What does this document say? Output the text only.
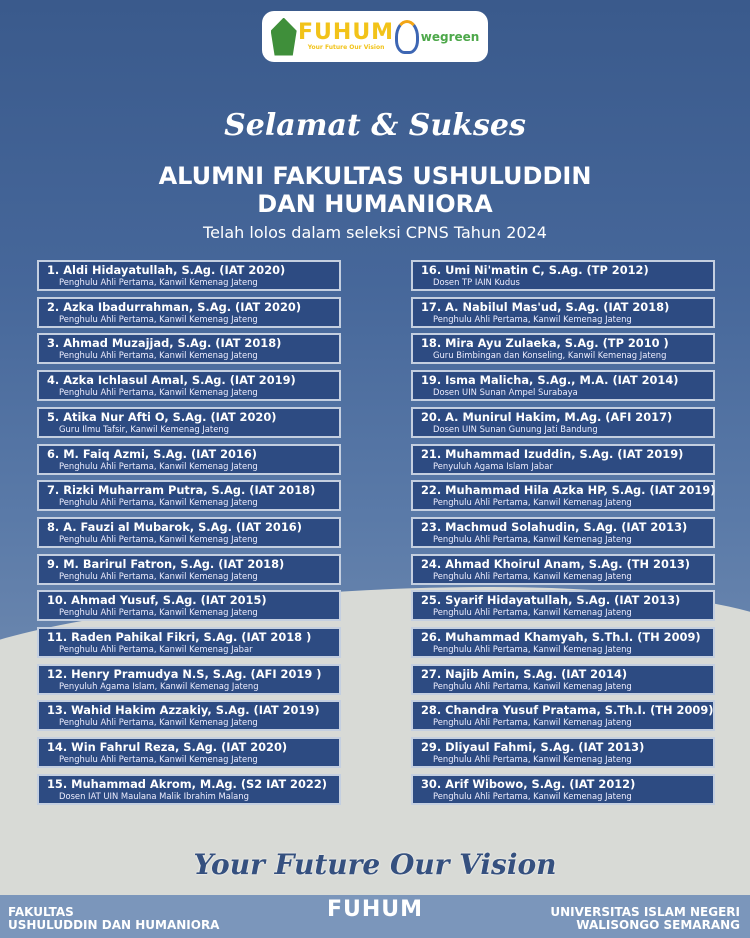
FUHUM
Your Future Our Vision
wegreen
Selamat & Sukses
ALUMNI FAKULTAS USHULUDDIN
DAN HUMANIORA
Telah lolos dalam seleksi CPNS Tahun 2024
1. Aldi Hidayatullah, S.Ag. (IAT 2020)
Penghulu Ahli Pertama, Kanwil Kemenag Jateng
2. Azka Ibadurrahman, S.Ag. (IAT 2020)
Penghulu Ahli Pertama, Kanwil Kemenag Jateng
3. Ahmad Muzajjad, S.Ag. (IAT 2018)
Penghulu Ahli Pertama, Kanwil Kemenag Jateng
4. Azka Ichlasul Amal, S.Ag. (IAT 2019)
Penghulu Ahli Pertama, Kanwil Kemenag Jateng
5. Atika Nur Afti O, S.Ag. (IAT 2020)
Guru Ilmu Tafsir, Kanwil Kemenag Jateng
6. M. Faiq Azmi, S.Ag. (IAT 2016)
Penghulu Ahli Pertama, Kanwil Kemenag Jateng
7. Rizki Muharram Putra, S.Ag. (IAT 2018)
Penghulu Ahli Pertama, Kanwil Kemenag Jateng
8. A. Fauzi al Mubarok, S.Ag. (IAT 2016)
Penghulu Ahli Pertama, Kanwil Kemenag Jateng
9. M. Barirul Fatron, S.Ag. (IAT 2018)
Penghulu Ahli Pertama, Kanwil Kemenag Jateng
10. Ahmad Yusuf, S.Ag. (IAT 2015)
Penghulu Ahli Pertama, Kanwil Kemenag Jateng
11. Raden Pahikal Fikri, S.Ag. (IAT 2018 )
Penghulu Ahli Pertama, Kanwil Kemenag Jabar
12. Henry Pramudya N.S, S.Ag. (AFI 2019 )
Penyuluh Agama Islam, Kanwil Kemenag Jateng
13. Wahid Hakim Azzakiy, S.Ag. (IAT 2019)
Penghulu Ahli Pertama, Kanwil Kemenag Jateng
14. Win Fahrul Reza, S.Ag. (IAT 2020)
Penghulu Ahli Pertama, Kanwil Kemenag Jateng
15. Muhammad Akrom, M.Ag. (S2 IAT 2022)
Dosen IAT UIN Maulana Malik Ibrahim Malang
16. Umi Ni'matin C, S.Ag. (TP 2012)
Dosen TP IAIN Kudus
17. A. Nabilul Mas'ud, S.Ag. (IAT 2018)
Penghulu Ahli Pertama, Kanwil Kemenag Jateng
18. Mira Ayu Zulaeka, S.Ag. (TP 2010 )
Guru Bimbingan dan Konseling, Kanwil Kemenag Jateng
19. Isma Malicha, S.Ag., M.A. (IAT 2014)
Dosen UIN Sunan Ampel Surabaya
20. A. Munirul Hakim, M.Ag. (AFI 2017)
Dosen UIN Sunan Gunung Jati Bandung
21. Muhammad Izuddin, S.Ag. (IAT 2019)
Penyuluh Agama Islam Jabar
22. Muhammad Hila Azka HP, S.Ag. (IAT 2019)
Penghulu Ahli Pertama, Kanwil Kemenag Jateng
23. Machmud Solahudin, S.Ag. (IAT 2013)
Penghulu Ahli Pertama, Kanwil Kemenag Jateng
24. Ahmad Khoirul Anam, S.Ag. (TH 2013)
Penghulu Ahli Pertama, Kanwil Kemenag Jateng
25. Syarif Hidayatullah, S.Ag. (IAT 2013)
Penghulu Ahli Pertama, Kanwil Kemenag Jateng
26. Muhammad Khamyah, S.Th.I. (TH 2009)
Penghulu Ahli Pertama, Kanwil Kemenag Jateng
27. Najib Amin, S.Ag. (IAT 2014)
Penghulu Ahli Pertama, Kanwil Kemenag Jateng
28. Chandra Yusuf Pratama, S.Th.I. (TH 2009)
Penghulu Ahli Pertama, Kanwil Kemenag Jateng
29. Dliyaul Fahmi, S.Ag. (IAT 2013)
Penghulu Ahli Pertama, Kanwil Kemenag Jateng
30. Arif Wibowo, S.Ag. (IAT 2012)
Penghulu Ahli Pertama, Kanwil Kemenag Jateng
Your Future Our Vision
FAKULTAS
USHULUDDIN DAN HUMANIORA
FUHUM	UNIVERSITAS ISLAM NEGERI
WALISONGO SEMARANG
